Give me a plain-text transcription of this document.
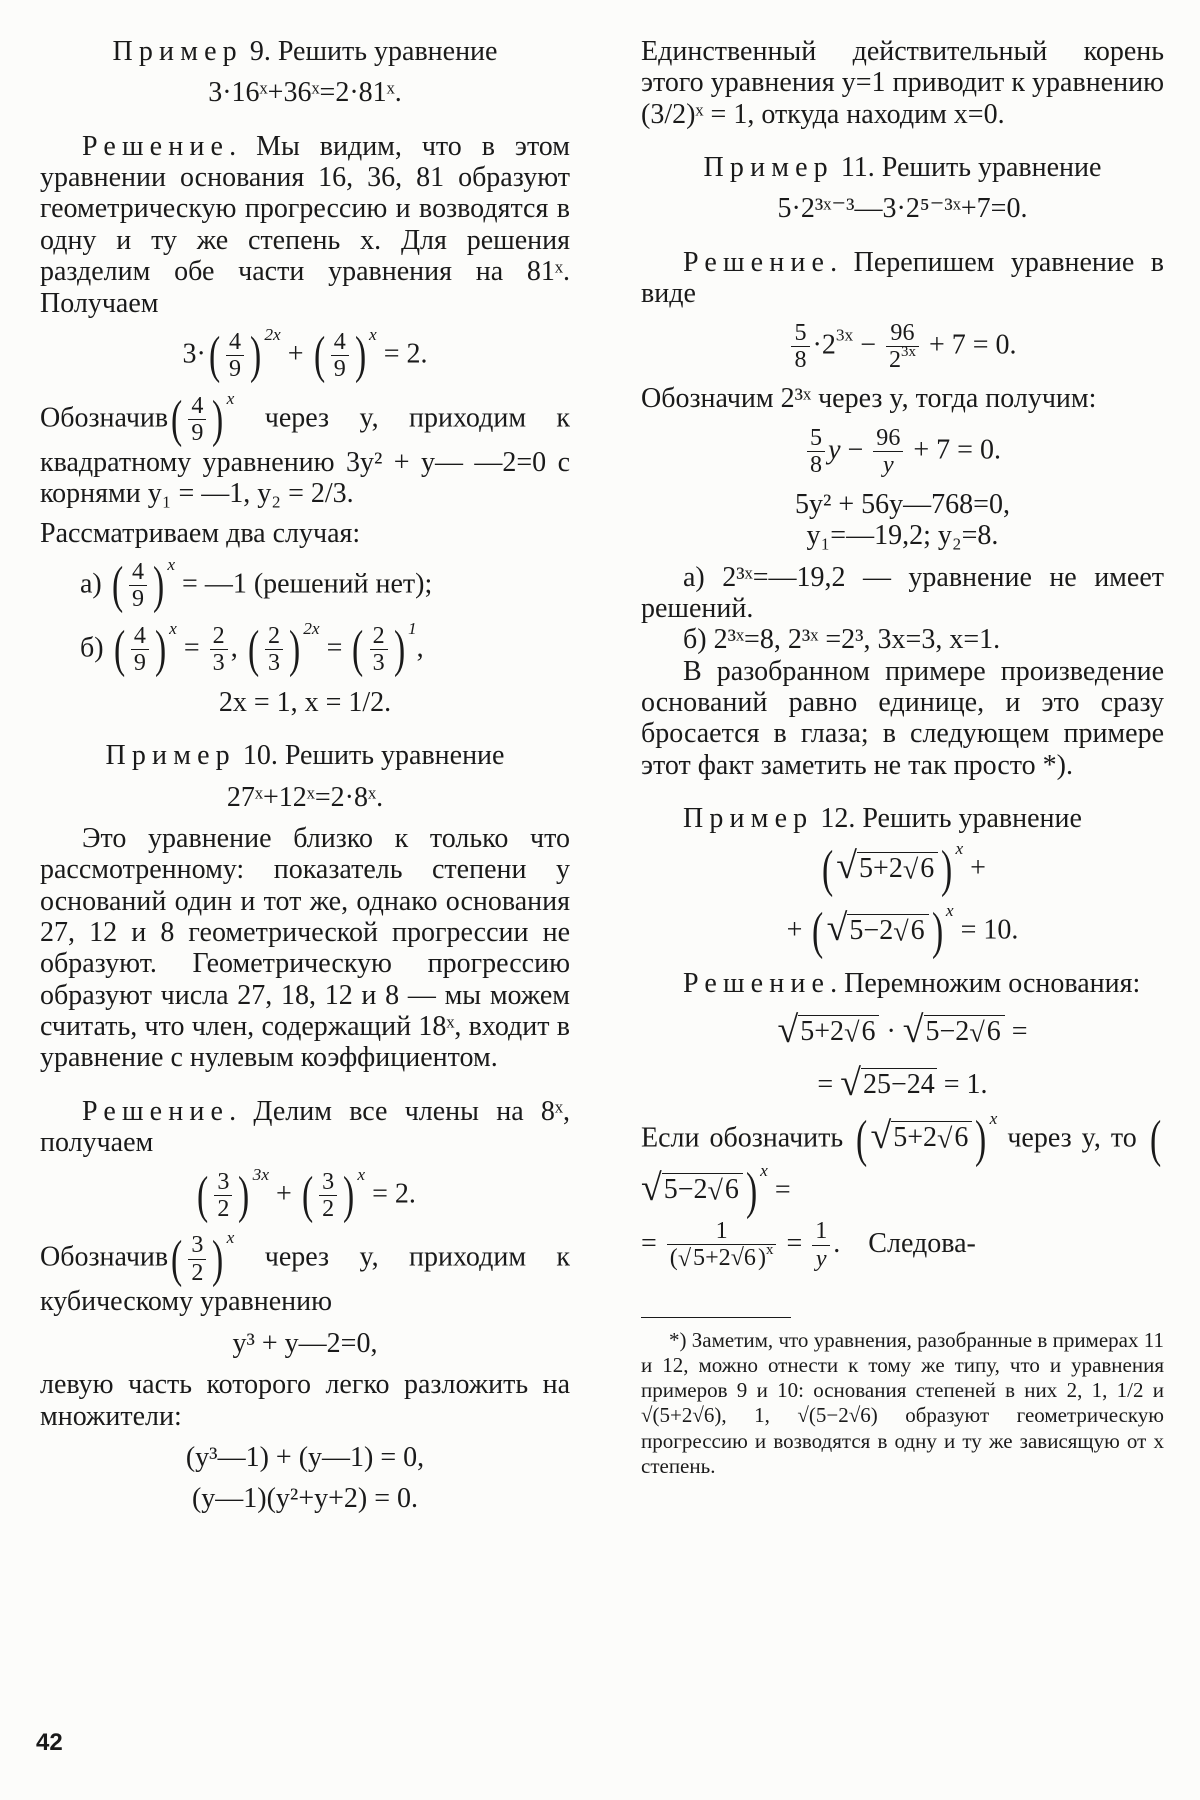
Пример 9. Решить уравнение

3·16ˣ+36ˣ=2·81ˣ.

Решение. Мы видим, что в этом уравнении основания 16, 36, 81 образуют геометрическую прогрессию и возводятся в одну и ту же степень x. Для решения разделим обе части уравнения на 81ˣ. Получаем

$3\cdot( \frac{4}{9}$ ) $^{2x}$ + ( $\frac{4}{9}$ ) $^x$ = 2.

Обозначив( $\frac{4}{9}$ ) $^x$ через y, приходим к квадратному уравнению 3y² + y— —2=0 с корнями y₁ = —1, y₂ = 2/3.

Рассматриваем два случая:

а) ( $\frac{4}{9}$ ) $^x$ = —1 (решений нет);

б) ( $\frac{4}{9}$ ) $^x = \frac{2}{3}$ , ( $\frac{2}{3}$ ) $^{2x}$ = ( $\frac{2}{3}$ ) $^1$,

2x = 1, x = 1/2.

Пример 10. Решить уравнение

27ˣ+12ˣ=2·8ˣ.

Это уравнение близко к только что рассмотренному: показатель степени у оснований один и тот же, однако основания 27, 12 и 8 геометрической прогрессии не образуют. Геометрическую прогрессию образуют числа 27, 18, 12 и 8 — мы можем считать, что член, содержащий 18ˣ, входит в уравнение с нулевым коэффициентом.

Решение. Делим все члены на 8ˣ, получаем

( $\frac{3}{2}$ ) $^{3x}$ + ( $\frac{3}{2}$ ) $^x$ = 2.

Обозначив( $\frac{3}{2}$ ) $^x$ через y, приходим к кубическому уравнению

y³ + y—2=0,

левую часть которого легко разложить на множители:

(y³—1) + (y—1) = 0,

(y—1)(y²+y+2) = 0.

Единственный действительный корень этого уравнения y=1 приводит к уравнению (3/2)ˣ = 1, откуда находим x=0.

Пример 11. Решить уравнение

5·2³ˣ⁻³—3·2⁵⁻³ˣ+7=0.

Решение. Перепишем уравнение в виде

$\frac{5}{8} \cdot 2^{3x} - \frac{96}{2^{3x}} + 7 = 0$.

Обозначим 2³ˣ через y, тогда получим:

$\frac{5}{8}$ $y - \frac{96}{y} + 7 = 0$.

5y² + 56y—768=0,

y₁=—19,2; y₂=8.

а) 2³ˣ=—19,2 — уравнение не имеет решений.

б) 2³ˣ=8, 2³ˣ =2³, 3x=3, x=1.

В разобранном примере произведение оснований равно единице, и это сразу бросается в глаза; в следующем примере этот факт заметить не так просто *).

Пример 12. Решить уравнение

(√5+2√6 ) $^x$ +

+ (√5−2√6 ) $^x$ = 10.

Решение. Перемножим основания:

√5+2√6 · √5−2√6 =

= √25−24 = 1.

Если обозначить (√5+2√6 ) $^x$ через y, то (√5−2√6 ) $^x$ =

= $\frac{1}{(√5+2√6)^x} = \frac{1}{y}$ .    Следова-

*) Заметим, что уравнения, разобранные в примерах 11 и 12, можно отнести к тому же типу, что и уравнения примеров 9 и 10: основания степеней в них 2, 1, 1/2 и √(5+2√6), 1, √(5−2√6) образуют геометрическую прогрессию и возводятся в одну и ту же зависящую от x степень.

42
